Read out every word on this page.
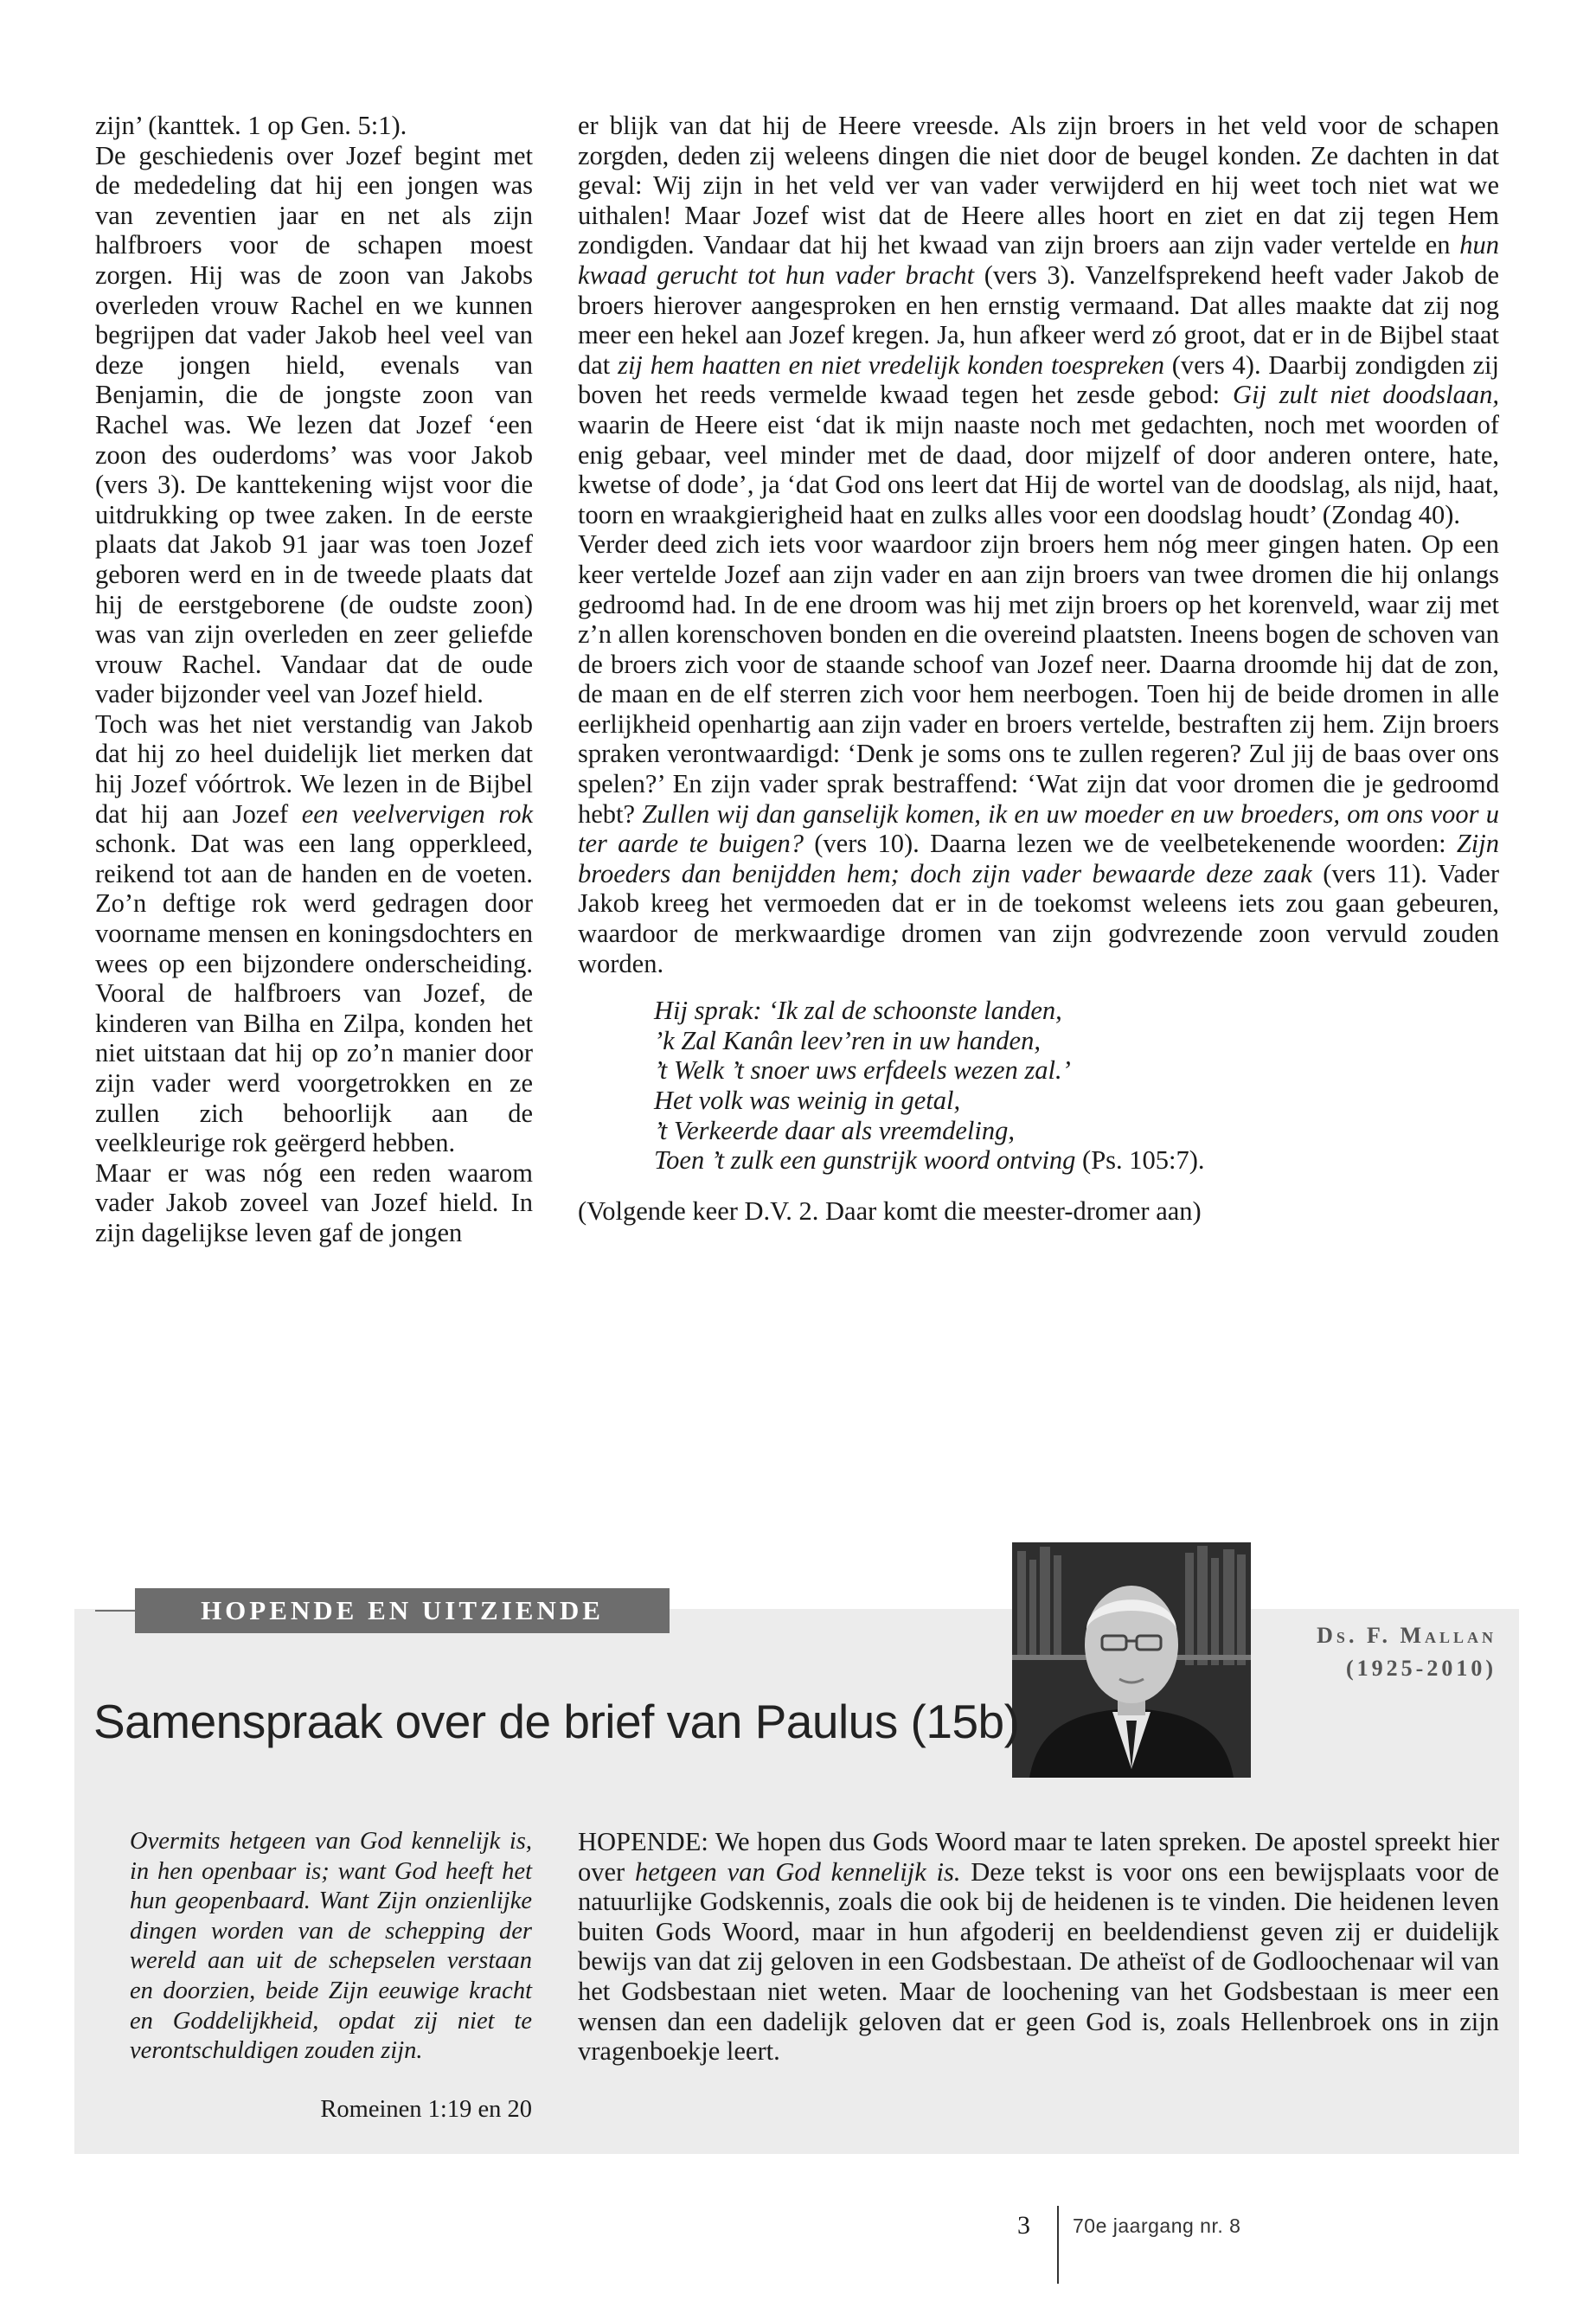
zijn’ (kanttek. 1 op Gen. 5:1).

De geschiedenis over Jozef begint met de mededeling dat hij een jongen was van zeventien jaar en net als zijn halfbroers voor de schapen moest zorgen. Hij was de zoon van Jakobs overleden vrouw Rachel en we kunnen begrijpen dat vader Jakob heel veel van deze jongen hield, evenals van Benjamin, die de jongste zoon van Rachel was. We lezen dat Jozef ‘een zoon des ouderdoms’ was voor Jakob (vers 3). De kanttekening wijst voor die uitdrukking op twee zaken. In de eerste plaats dat Jakob 91 jaar was toen Jozef geboren werd en in de tweede plaats dat hij de eerstgeborene (de oudste zoon) was van zijn overleden en zeer geliefde vrouw Rachel. Vandaar dat de oude vader bijzonder veel van Jozef hield.

Toch was het niet verstandig van Jakob dat hij zo heel duidelijk liet merken dat hij Jozef vóórtrok. We lezen in de Bijbel dat hij aan Jozef een veelvervigen rok schonk. Dat was een lang opperkleed, reikend tot aan de handen en de voeten. Zo’n deftige rok werd gedragen door voorname mensen en koningsdochters en wees op een bijzondere onderscheiding. Vooral de halfbroers van Jozef, de kinderen van Bilha en Zilpa, konden het niet uitstaan dat hij op zo’n manier door zijn vader werd voorgetrokken en ze zullen zich behoorlijk aan de veelkleurige rok geërgerd hebben.

Maar er was nóg een reden waarom vader Jakob zoveel van Jozef hield. In zijn dagelijkse leven gaf de jongen

er blijk van dat hij de Heere vreesde. Als zijn broers in het veld voor de schapen zorgden, deden zij weleens dingen die niet door de beugel konden. Ze dachten in dat geval: Wij zijn in het veld ver van vader verwijderd en hij weet toch niet wat we uithalen! Maar Jozef wist dat de Heere alles hoort en ziet en dat zij tegen Hem zondigden. Vandaar dat hij het kwaad van zijn broers aan zijn vader vertelde en hun kwaad gerucht tot hun vader bracht (vers 3). Vanzelfsprekend heeft vader Jakob de broers hierover aangesproken en hen ernstig vermaand. Dat alles maakte dat zij nog meer een hekel aan Jozef kregen. Ja, hun afkeer werd zó groot, dat er in de Bijbel staat dat zij hem haatten en niet vredelijk konden toespreken (vers 4). Daarbij zondigden zij boven het reeds vermelde kwaad tegen het zesde gebod: Gij zult niet doodslaan, waarin de Heere eist ‘dat ik mijn naaste noch met gedachten, noch met woorden of enig gebaar, veel minder met de daad, door mijzelf of door anderen ontere, hate, kwetse of dode’, ja ‘dat God ons leert dat Hij de wortel van de doodslag, als nijd, haat, toorn en wraakgierigheid haat en zulks alles voor een doodslag houdt’ (Zondag 40).

Verder deed zich iets voor waardoor zijn broers hem nóg meer gingen haten. Op een keer vertelde Jozef aan zijn vader en aan zijn broers van twee dromen die hij onlangs gedroomd had. In de ene droom was hij met zijn broers op het korenveld, waar zij met z’n allen korenschoven bonden en die overeind plaatsten. Ineens bogen de schoven van de broers zich voor de staande schoof van Jozef neer. Daarna droomde hij dat de zon, de maan en de elf sterren zich voor hem neerbogen. Toen hij de beide dromen in alle eerlijkheid openhartig aan zijn vader en broers vertelde, bestraften zij hem. Zijn broers spraken verontwaardigd: ‘Denk je soms ons te zullen regeren? Zul jij de baas over ons spelen?’ En zijn vader sprak bestraffend: ‘Wat zijn dat voor dromen die je gedroomd hebt? Zullen wij dan ganselijk komen, ik en uw moeder en uw broeders, om ons voor u ter aarde te buigen? (vers 10). Daarna lezen we de veelbetekenende woorden: Zijn broeders dan benijdden hem; doch zijn vader bewaarde deze zaak (vers 11). Vader Jakob kreeg het vermoeden dat er in de toekomst weleens iets zou gaan gebeuren, waardoor de merkwaardige dromen van zijn godvrezende zoon vervuld zouden worden.

Hij sprak: ‘Ik zal de schoonste landen,
’k Zal Kanân leev’ren in uw handen,
’t Welk ’t snoer uws erfdeels wezen zal.’
Het volk was weinig in getal,
’t Verkeerde daar als vreemdeling,
Toen ’t zulk een gunstrijk woord ontving (Ps. 105:7).

(Volgende keer D.V. 2. Daar komt die meester-dromer aan)

HOPENDE EN UITZIENDE
Ds. F. Mallan
(1925-2010)
Samenspraak over de brief van Paulus (15b)
Overmits hetgeen van God kennelijk is, in hen openbaar is; want God heeft het hun geopenbaard. Want Zijn onzienlijke dingen worden van de schepping der wereld aan uit de schepselen verstaan en doorzien, beide Zijn eeuwige kracht en Goddelijkheid, opdat zij niet te verontschuldigen zouden zijn.
Romeinen 1:19 en 20
HOPENDE: We hopen dus Gods Woord maar te laten spreken. De apostel spreekt hier over hetgeen van God kennelijk is. Deze tekst is voor ons een bewijsplaats voor de natuurlijke Godskennis, zoals die ook bij de heidenen is te vinden. Die heidenen leven buiten Gods Woord, maar in hun afgoderij en beeldendienst geven zij er duidelijk bewijs van dat zij geloven in een Godsbestaan. De atheïst of de Godloochenaar wil van het Godsbestaan niet weten. Maar de loochening van het Godsbestaan is meer een wensen dan een dadelijk geloven dat er geen God is, zoals Hellenbroek ons in zijn vragenboekje leert.
3 70e jaargang nr. 8
